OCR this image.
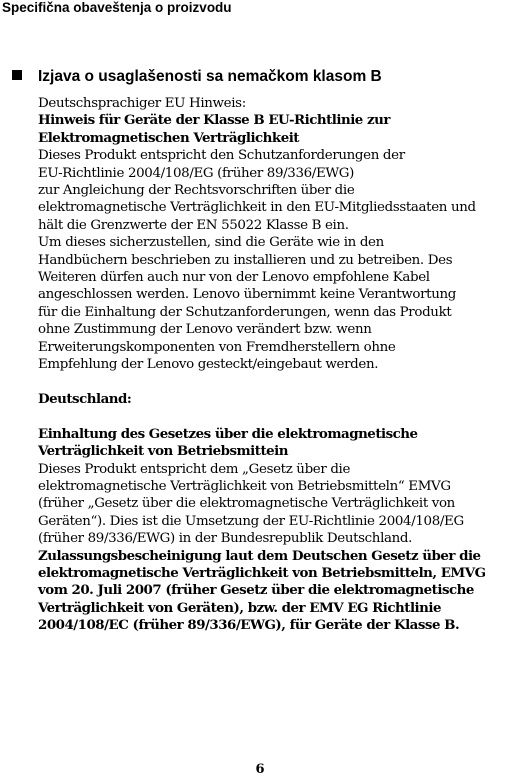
Specifična obaveštenja o proizvodu
Izjava o usaglašenosti sa nemačkom klasom B

Deutschsprachiger EU Hinweis:

Hinweis für Geräte der Klasse B EU-Richtlinie zur
Elektromagnetischen Verträglichkeit

Dieses Produkt entspricht den Schutzanforderungen der
EU-Richtlinie 2004/108/EG (früher 89/336/EWG)
zur Angleichung der Rechtsvorschriften über die
elektromagnetische Verträglichkeit in den EU-Mitgliedsstaaten und
hält die Grenzwerte der EN 55022 Klasse B ein.

Um dieses sicherzustellen, sind die Geräte wie in den
Handbüchern beschrieben zu installieren und zu betreiben. Des
Weiteren dürfen auch nur von der Lenovo empfohlene Kabel
angeschlossen werden. Lenovo übernimmt keine Verantwortung
für die Einhaltung der Schutzanforderungen, wenn das Produkt
ohne Zustimmung der Lenovo verändert bzw. wenn
Erweiterungskomponenten von Fremdherstellern ohne
Empfehlung der Lenovo gesteckt/eingebaut werden.

Deutschland:

Einhaltung des Gesetzes über die elektromagnetische
Verträglichkeit von Betriebsmittein

Dieses Produkt entspricht dem „Gesetz über die
elektromagnetische Verträglichkeit von Betriebsmitteln“ EMVG
(früher „Gesetz über die elektromagnetische Verträglichkeit von
Geräten“). Dies ist die Umsetzung der EU-Richtlinie 2004/108/EG
(früher 89/336/EWG) in der Bundesrepublik Deutschland.

Zulassungsbescheinigung laut dem Deutschen Gesetz über die
elektromagnetische Verträglichkeit von Betriebsmitteln, EMVG
vom 20. Juli 2007 (früher Gesetz über die elektromagnetische
Verträglichkeit von Geräten), bzw. der EMV EG Richtlinie
2004/108/EC (früher 89/336/EWG), für Geräte der Klasse B.

6
